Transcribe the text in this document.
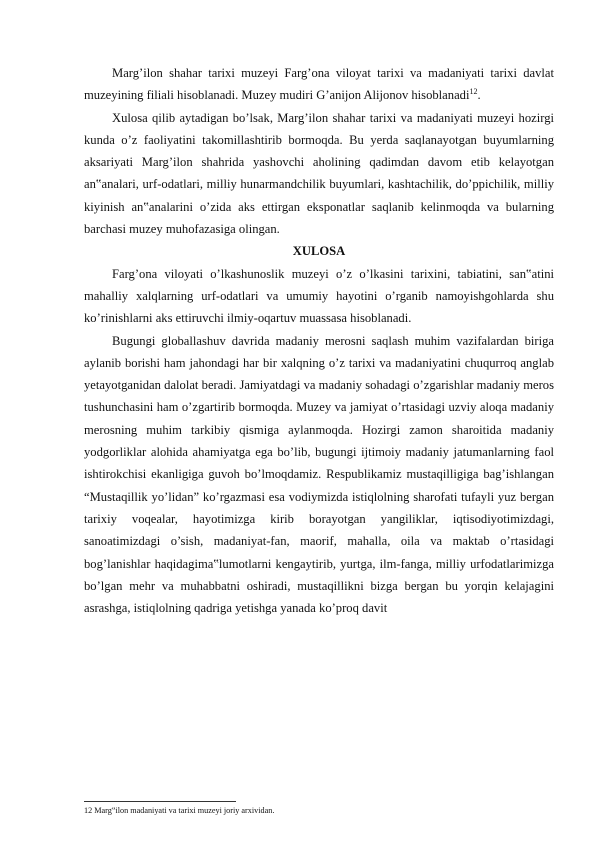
Marg’ilon shahar tarixi muzeyi Farg’ona viloyat tarixi va madaniyati tarixi davlat muzeyining filiali hisoblanadi. Muzey mudiri G’anijon Alijonov hisoblanadi$^{12}$.

Xulosa qilib aytadigan bo’lsak, Marg’ilon shahar tarixi va madaniyati muzeyi hozirgi kunda o’z faoliyatini takomillashtirib bormoqda. Bu yerda saqlanayotgan buyumlarning aksariyati Marg’ilon shahrida yashovchi aholining qadimdan davom etib kelayotgan an‟analari, urf-odatlari, milliy hunarmandchilik buyumlari, kashtachilik, do’ppichilik, milliy kiyinish an‟analarini o’zida aks ettirgan eksponatlar saqlanib kelinmoqda va bularning barchasi muzey muhofazasiga olingan.

XULOSA

Farg’ona viloyati o’lkashunoslik muzeyi o’z o’lkasini tarixini, tabiatini, san‟atini mahalliy xalqlarning urf-odatlari va umumiy hayotini o’rganib namoyishgohlarda shu ko’rinishlarni aks ettiruvchi ilmiy-oqartuv muassasa hisoblanadi.

Bugungi globallashuv davrida madaniy merosni saqlash muhim vazifalardan biriga aylanib borishi ham jahondagi har bir xalqning o’z tarixi va madaniyatini chuqurroq anglab yetayotganidan dalolat beradi. Jamiyatdagi va madaniy sohadagi o’zgarishlar madaniy meros tushunchasini ham o’zgartirib bormoqda. Muzey va jamiyat o’rtasidagi uzviy aloqa madaniy merosning muhim tarkibiy qismiga aylanmoqda. Hozirgi zamon sharoitida madaniy yodgorliklar alohida ahamiyatga ega bo’lib, bugungi ijtimoiy madaniy jatumanlarning faol ishtirokchisi ekanligiga guvoh bo’lmoqdamiz. Respublikamiz mustaqilligiga bag’ishlangan “Mustaqillik yo’lidan” ko’rgazmasi esa vodiymizda istiqlolning sharofati tufayli yuz bergan tarixiy voqealar, hayotimizga kirib borayotgan yangiliklar, iqtisodiyotimizdagi, sanoatimizdagi o’sish, madaniyat-fan, maorif, mahalla, oila va maktab o’rtasidagi bog’lanishlar haqidagima‟lumotlarni kengaytirib, yurtga, ilm-fanga, milliy urfodatlarimizga bo’lgan mehr va muhabbatni oshiradi, mustaqillikni bizga bergan bu yorqin kelajagini asrashga, istiqlolning qadriga yetishga yanada ko’proq davit

12 Marg‟ilon madaniyati va tarixi muzeyi joriy arxividan.
